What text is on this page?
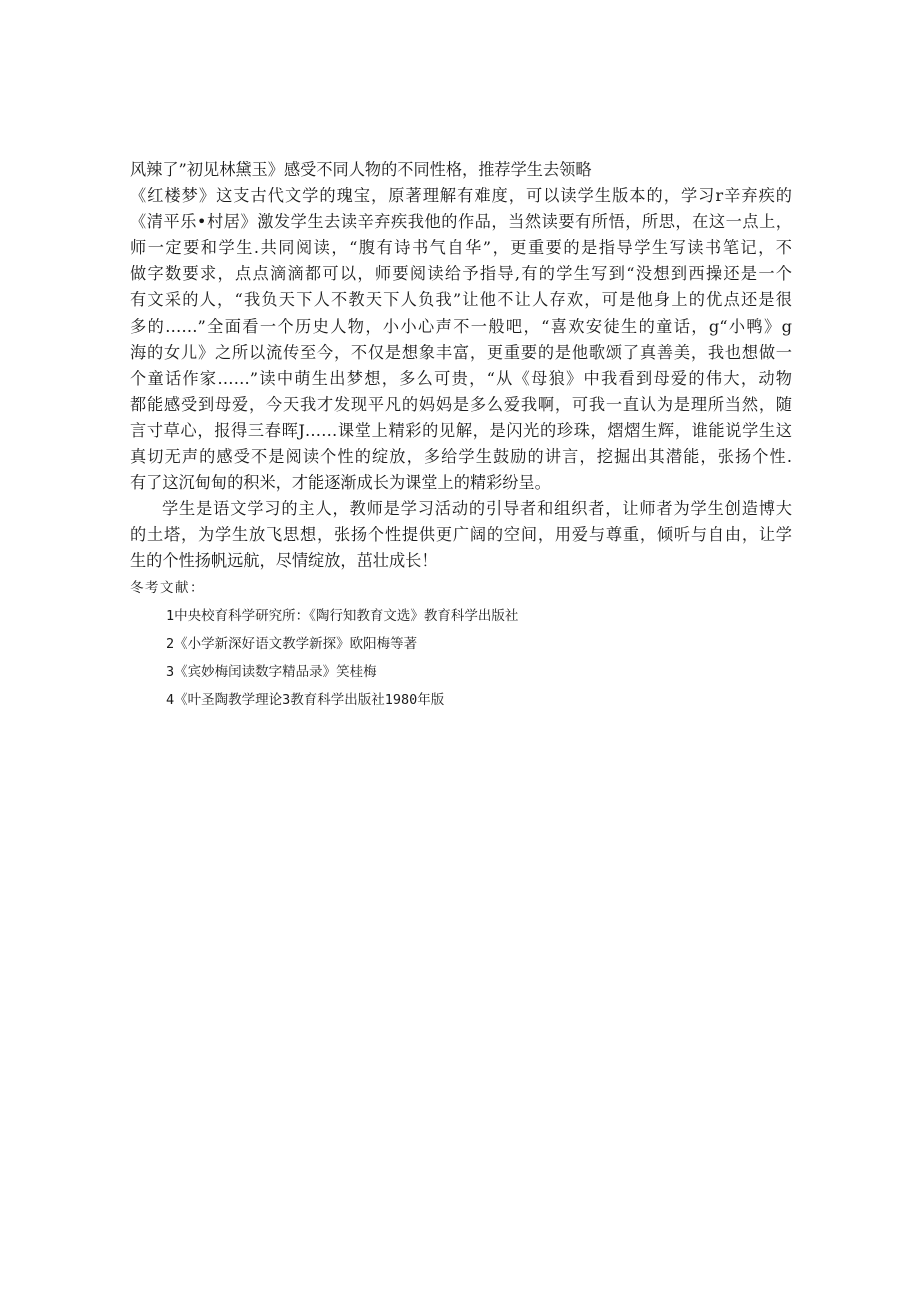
风辣了”初见林黛玉》感受不同人物的不同性格，推荐学生去领略
《红楼梦》这支古代文学的瑰宝，原著理解有难度，可以读学生版本的，学习r辛弃疾的
《清平乐•村居》激发学生去读辛弃疾我他的作品，当然读要有所悟，所思，在这一点上，
师一定要和学生.共同阅读，“腹有诗书气自华”，更重要的是指导学生写读书笔记，不
做字数要求，点点滴滴都可以，师要阅读给予指导,有的学生写到“没想到西操还是一个
有文采的人，“我负天下人不教天下人负我”让他不让人存欢，可是他身上的优点还是很
多的……”全面看一个历史人物，小小心声不一般吧，“喜欢安徒生的童话，g“小鸭》g
海的女儿》之所以流传至今，不仅是想象丰富，更重要的是他歌颂了真善美，我也想做一
个童话作家……”读中萌生出梦想，多么可贵，“从《母狼》中我看到母爱的伟大，动物
都能感受到母爱，今天我才发现平凡的妈妈是多么爱我啊，可我一直认为是理所当然，随
言寸草心，报得三春晖J……课堂上精彩的见解，是闪光的珍珠，熠熠生辉，谁能说学生这
真切无声的感受不是阅读个性的绽放，多给学生鼓励的讲言，挖掘出其潜能，张扬个性.
有了这沉甸甸的积米，才能逐渐成长为课堂上的精彩纷呈。
学生是语文学习的主人，教师是学习活动的引导者和组织者，让师者为学生创造博大
的土塔，为学生放飞思想，张扬个性提供更广阔的空间，用爱与尊重，倾听与自由，让学
生的个性扬帆远航，尽情绽放，茁壮成长！
冬考文献：
1中央校育科学研究所：《陶行知教育文选》教育科学出版社
2《小学新深好语文教学新探》欧阳梅等著
3《宾妙梅闰读数字精品录》笑桂梅
4《叶圣陶教学理论3教育科学出版社1980年版
